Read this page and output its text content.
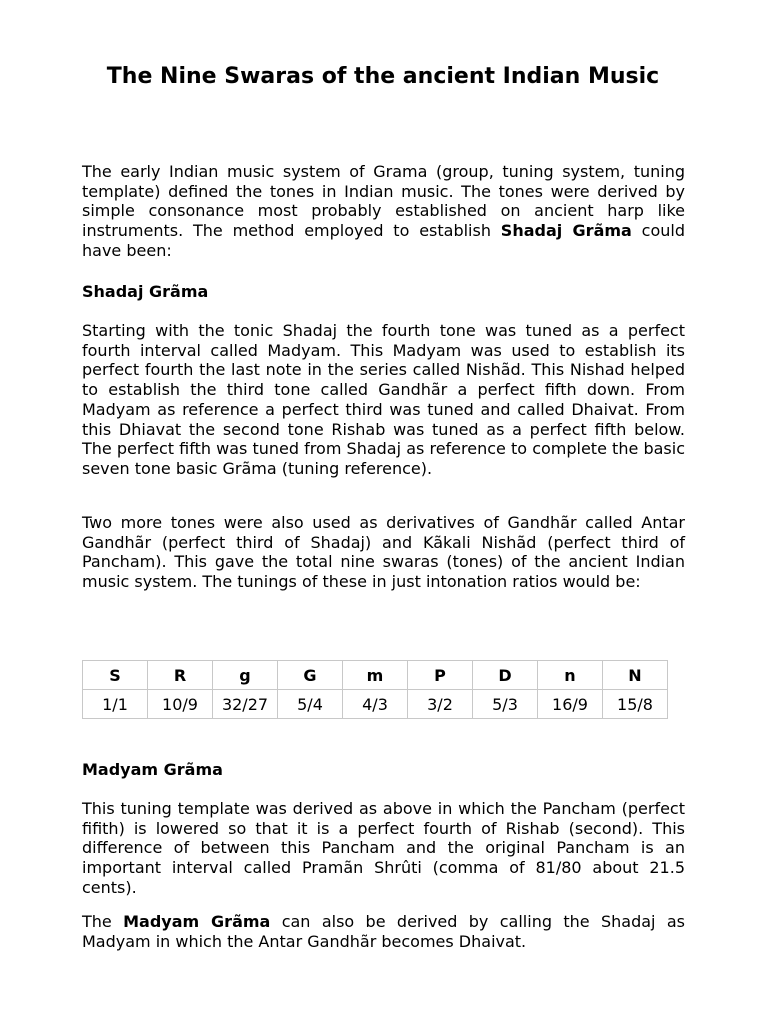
The Nine Swaras of the ancient Indian Music

The early Indian music system of Grama (group, tuning system, tuning template) defined the tones in Indian music. The tones were derived by simple consonance most probably established on ancient harp like instruments. The method employed to establish Shadaj Grãma could have been:

Shadaj Grãma

Starting with the tonic Shadaj the fourth tone was tuned as a perfect fourth interval called Madyam. This Madyam was used to establish its perfect fourth the last note in the series called Nishãd. This Nishad helped to establish the third tone called Gandhãr a perfect fifth down. From Madyam as reference a perfect third was tuned and called Dhaivat. From this Dhiavat the second tone Rishab was tuned as a perfect fifth below. The perfect fifth was tuned from Shadaj as reference to complete the basic seven tone basic Grãma (tuning reference).

Two more tones were also used as derivatives of Gandhãr called Antar Gandhãr (perfect third of Shadaj) and Kãkali Nishãd (perfect third of Pancham). This gave the total nine swaras (tones) of the ancient Indian music system. The tunings of these in just intonation ratios would be:

S	R	g	G	m	P	D	n	N
1/1	10/9	32/27	5/4	4/3	3/2	5/3	16/9	15/8
Madyam Grãma

This tuning template was derived as above in which the Pancham (perfect fifith) is lowered so that it is a perfect fourth of Rishab (second). This difference of between this Pancham and the original Pancham is an important interval called Pramãn Shrûti (comma of 81/80 about 21.5 cents).

The Madyam Grãma can also be derived by calling the Shadaj as Madyam in which the Antar Gandhãr becomes Dhaivat.
